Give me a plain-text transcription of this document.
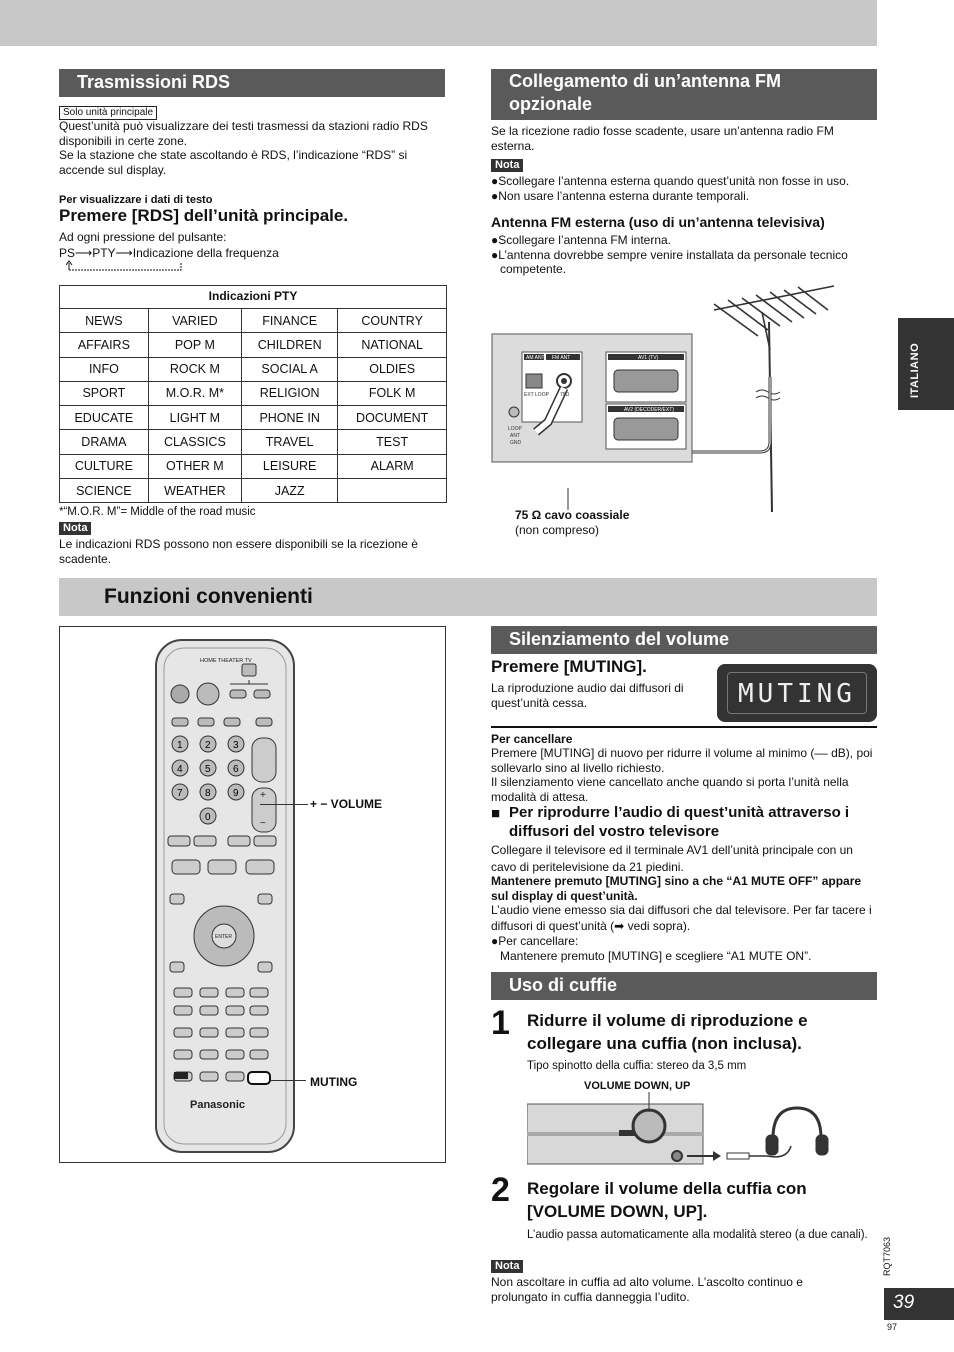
Trasmissioni RDS
Solo unità principale
Quest’unità può visualizzare dei testi trasmessi da stazioni radio RDS disponibili in certe zone.
Se la stazione che state ascoltando è RDS, l’indicazione “RDS” si accende sul display.
Per visualizzare i dati di testo
Premere [RDS] dell’unità principale.
Ad ogni pressione del pulsante:
PS⟶PTY⟶Indicazione della frequenza
Indicazioni PTY			
NEWS	VARIED	FINANCE	COUNTRY
AFFAIRS	POP M	CHILDREN	NATIONAL
INFO	ROCK M	SOCIAL A	OLDIES
SPORT	M.O.R. M*	RELIGION	FOLK M
EDUCATE	LIGHT M	PHONE IN	DOCUMENT
DRAMA	CLASSICS	TRAVEL	TEST
CULTURE	OTHER M	LEISURE	ALARM
SCIENCE	WEATHER	JAZZ	
*“M.O.R. M”= Middle of the road music
Nota
Le indicazioni RDS possono non essere disponibili se la ricezione è scadente.
Collegamento di un’antenna FM
opzionale
Se la ricezione radio fosse scadente, usare un’antenna radio FM esterna.
Nota
●Scollegare l’antenna esterna quando quest’unità non fosse in uso.
●Non usare l’antenna esterna durante temporali.
Antenna FM esterna (uso di un’antenna televisiva)
●Scollegare l’antenna FM interna.
●L’antenna dovrebbe sempre venire installata da personale tecnico competente.
AM ANT FM ANT	AV1 (TV)
AV2 (DECODER/EXT)
EXT LOOP 75Ω
LOOP
ANT
GND
75 Ω cavo coassiale
(non compreso)
ITALIANO
Funzioni convenienti
HOME THEATER TV
1 2 3
4 5 6
7 8 9
0
+
−
ENTER
Panasonic
+ − VOLUME
MUTING
Silenziamento del volume
Premere [MUTING].
La riproduzione audio dai diffusori di quest’unità cessa.	MUTING
Per cancellare
Premere [MUTING] di nuovo per ridurre il volume al minimo (–– dB), poi sollevarlo sino al livello richiesto.
Il silenziamento viene cancellato anche quando si porta l’unità nella modalità di attesa.
■ Per riprodurre l’audio di quest’unità attraverso i diffusori del vostro televisore
Collegare il televisore ed il terminale AV1 dell’unità principale con un cavo di peritelevisione da 21 piedini.
Mantenere premuto [MUTING] sino a che “A1 MUTE OFF” appare sul display di quest’unità.
L’audio viene emesso sia dai diffusori che dal televisore. Per far tacere i diffusori di quest’unità (➡ vedi sopra).
●Per cancellare:
Mantenere premuto [MUTING] e scegliere “A1 MUTE ON”.
Uso di cuffie
1 Ridurre il volume di riproduzione e collegare una cuffia (non inclusa).
Tipo spinotto della cuffia: stereo da 3,5 mm
VOLUME DOWN, UP
2 Regolare il volume della cuffia con [VOLUME DOWN, UP].
L’audio passa automaticamente alla modalità stereo (a due canali).
Nota
Non ascoltare in cuffia ad alto volume. L’ascolto continuo e prolungato in cuffia danneggia l’udito.
RQT7063
39
97
